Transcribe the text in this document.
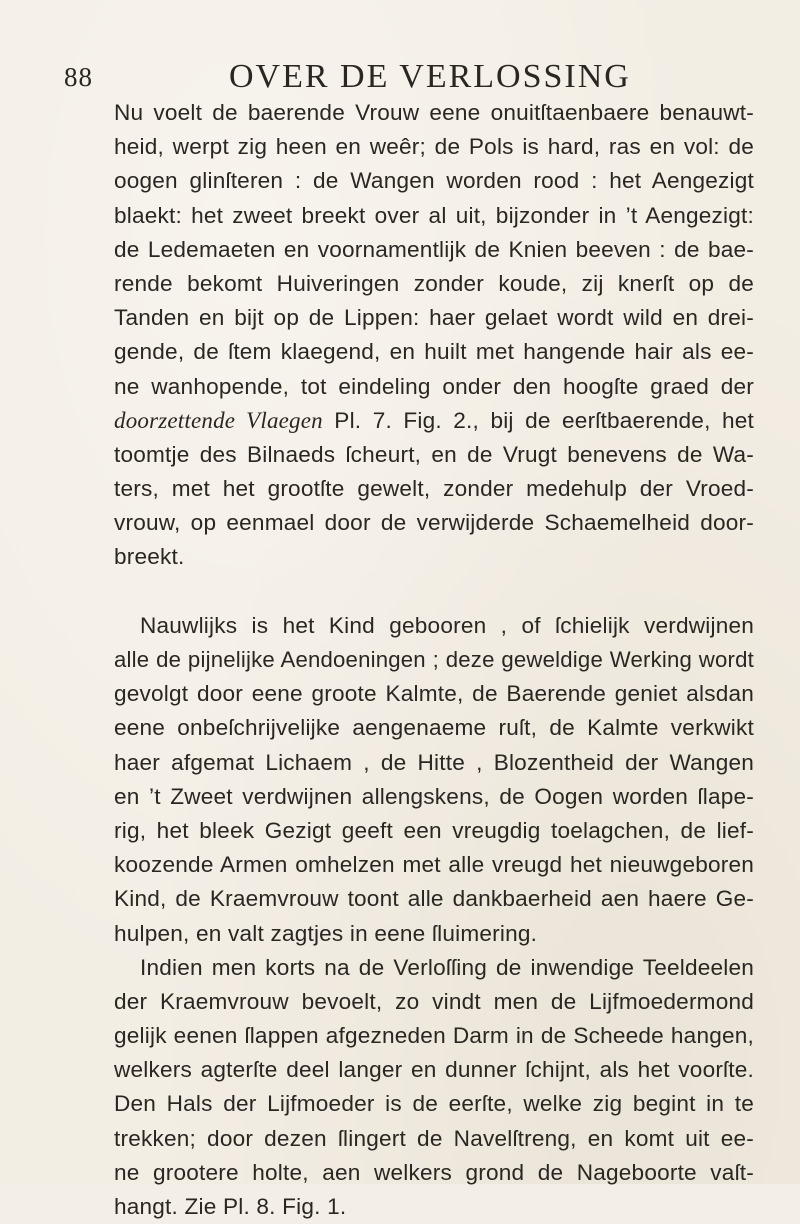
88	OVER DE VERLOSSING
Nu voelt de baerende Vrouw eene onuitſtaenbaere benauwt-
heid, werpt zig heen en weêr; de Pols is hard, ras en vol: de
oogen glinſteren : de Wangen worden rood : het Aengezigt
blaekt: het zweet breekt over al uit, bijzonder in ’t Aengezigt:
de Ledemaeten en voornamentlijk de Knien beeven : de bae-
rende bekomt Huiveringen zonder koude, zij knerſt op de
Tanden en bijt op de Lippen: haer gelaet wordt wild en drei-
gende, de ſtem klaegend, en huilt met hangende hair als ee-
ne wanhopende, tot eindeling onder den hoogſte graed der
doorzettende Vlaegen Pl. 7. Fig. 2., bij de eerſtbaerende, het
toomtje des Bilnaeds ſcheurt, en de Vrugt benevens de Wa-
ters, met het grootſte gewelt, zonder medehulp der Vroed-
vrouw, op eenmael door de verwijderde Schaemelheid door-
breekt.
Nauwlijks is het Kind gebooren , of ſchielijk verdwijnen
alle de pijnelijke Aendoeningen ; deze geweldige Werking wordt
gevolgt door eene groote Kalmte, de Baerende geniet alsdan
eene onbeſchrijvelijke aengenaeme ruſt, de Kalmte verkwikt
haer afgemat Lichaem , de Hitte , Blozentheid der Wangen
en ’t Zweet verdwijnen allengskens, de Oogen worden ſlape-
rig, het bleek Gezigt geeft een vreugdig toelagchen, de lief-
koozende Armen omhelzen met alle vreugd het nieuwgeboren
Kind, de Kraemvrouw toont alle dankbaerheid aen haere Ge-
hulpen, en valt zagtjes in eene ſluimering.
Indien men korts na de Verloſſing de inwendige Teeldeelen
der Kraemvrouw bevoelt, zo vindt men de Lijfmoedermond
gelijk eenen ſlappen afgezneden Darm in de Scheede hangen,
welkers agterſte deel langer en dunner ſchijnt, als het voorſte.
Den Hals der Lijfmoeder is de eerſte, welke zig begint in te
trekken; door dezen ſlingert de Navelſtreng, en komt uit ee-
ne grootere holte, aen welkers grond de Nageboorte vaſt-
hangt. Zie Pl. 8. Fig. 1.
